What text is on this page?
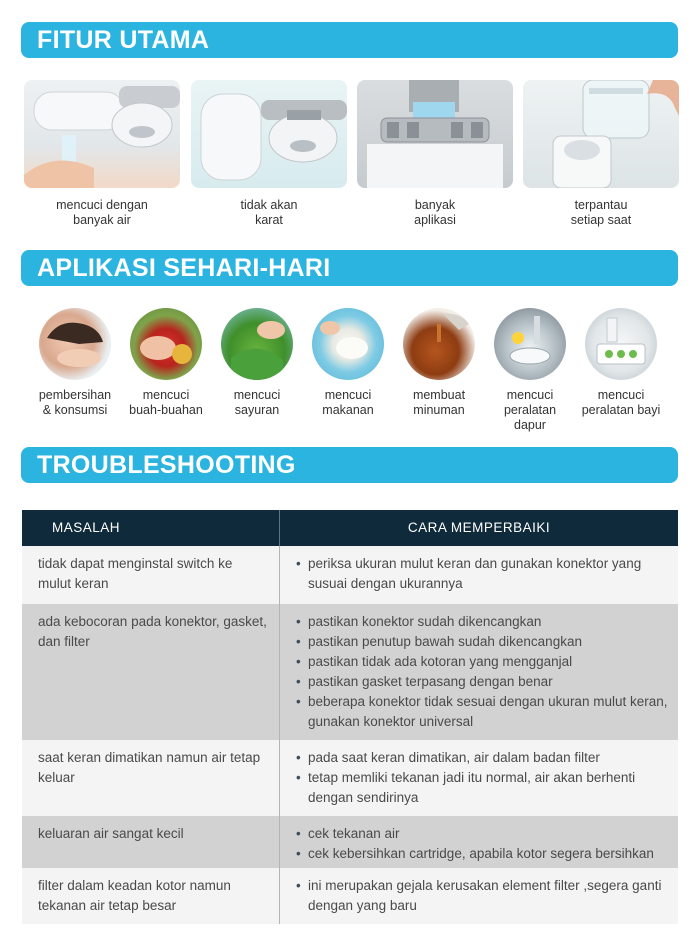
FITUR UTAMA
APLIKASI SEHARI-HARI
TROUBLESHOOTING
mencuci dengan
banyak air
tidak akan
karat
banyak
aplikasi
terpantau
setiap saat
pembersihan
& konsumsi
mencuci
buah-buahan
mencuci
sayuran
mencuci
makanan
membuat
minuman
mencuci
peralatan dapur
mencuci
peralatan bayi
MASALAH	CARA MEMPERBAIKI
tidak dapat menginstal switch ke mulut keran
• periksa ukuran mulut keran dan gunakan konektor yang susuai dengan ukurannya
ada kebocoran pada konektor, gasket, dan filter
• pastikan konektor sudah dikencangkan
• pastikan penutup bawah sudah dikencangkan
• pastikan tidak ada kotoran yang mengganjal
• pastikan gasket terpasang dengan benar
• beberapa konektor tidak sesuai dengan ukuran mulut keran, gunakan konektor universal
saat keran dimatikan namun air tetap keluar
• pada saat keran dimatikan, air dalam badan filter
• tetap memliki tekanan jadi itu normal, air akan berhenti dengan sendirinya
keluaran air sangat kecil
•	cek tekanan air
• cek kebersihkan cartridge, apabila kotor segera bersihkan
filter dalam keadan kotor namun tekanan air tetap besar
• ini merupakan gejala kerusakan element filter ,segera ganti dengan yang baru
